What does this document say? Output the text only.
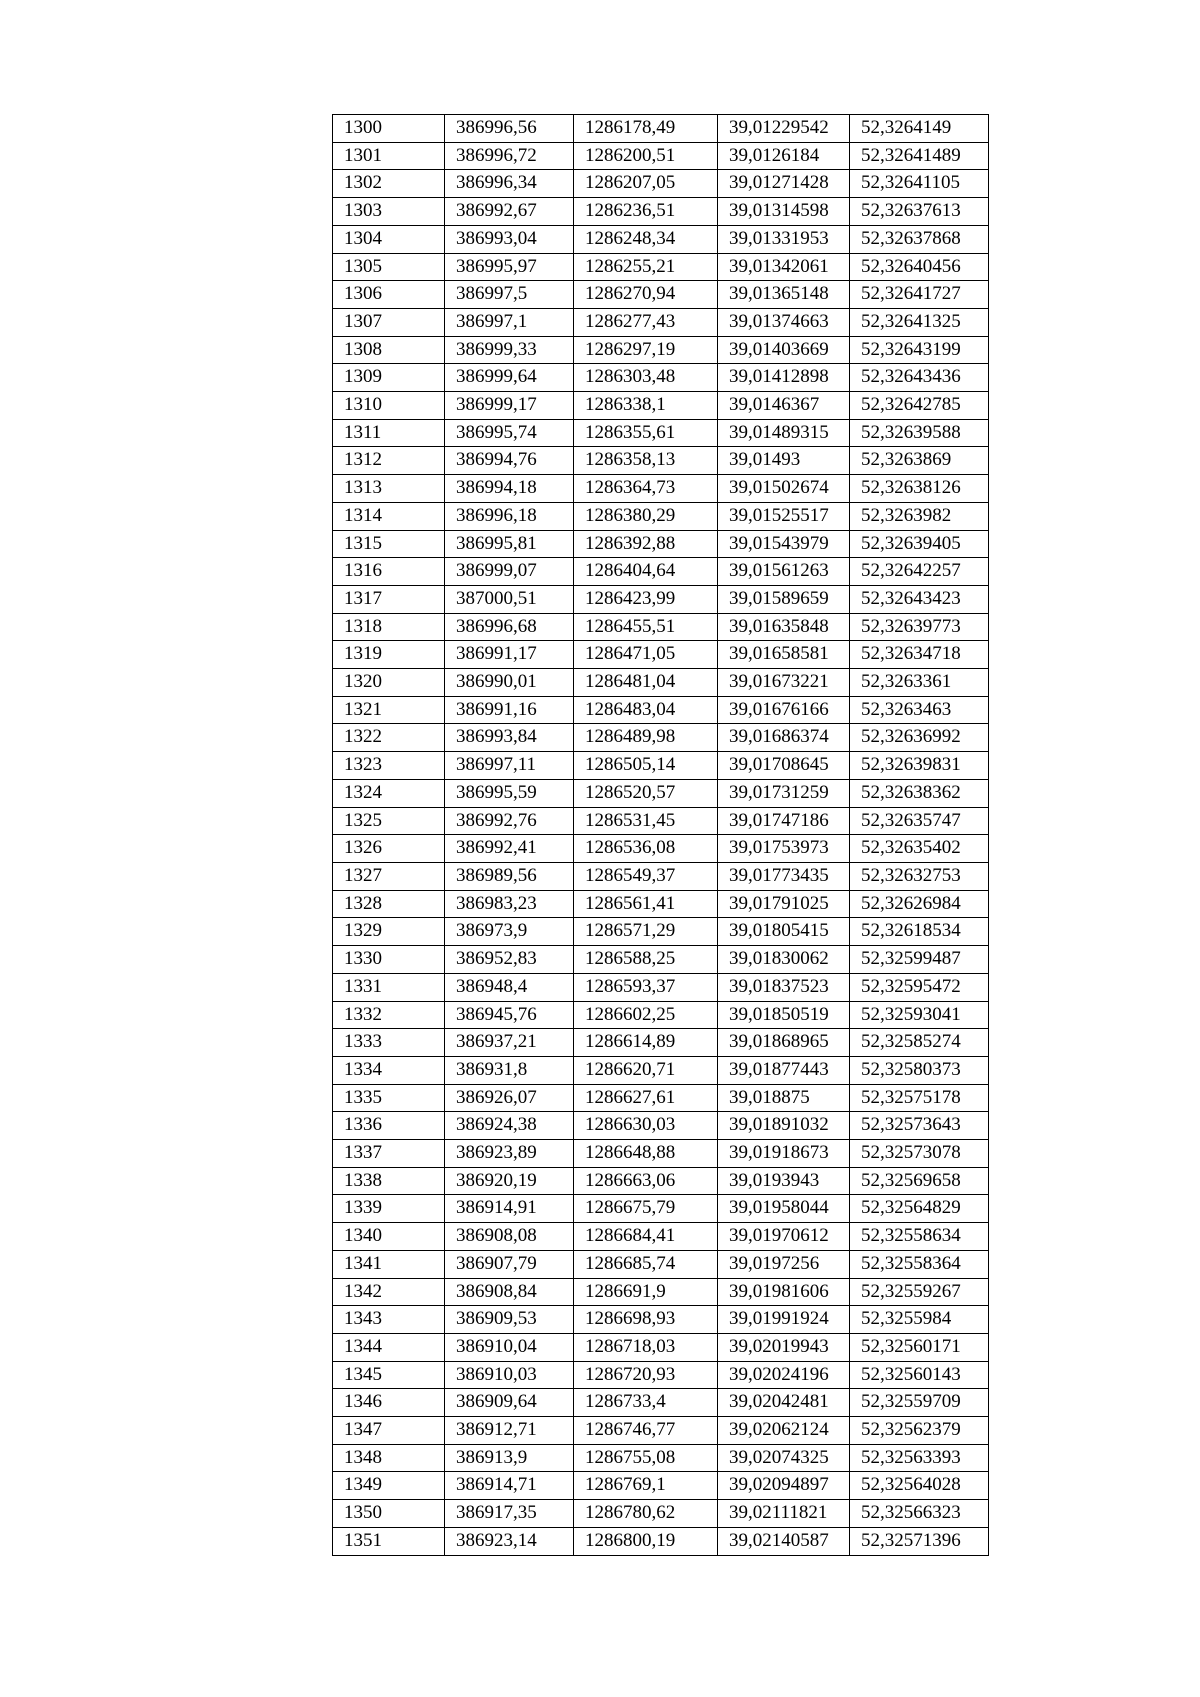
1300	386996,56	1286178,49	39,01229542	52,3264149
1301	386996,72	1286200,51	39,0126184	52,32641489
1302	386996,34	1286207,05	39,01271428	52,32641105
1303	386992,67	1286236,51	39,01314598	52,32637613
1304	386993,04	1286248,34	39,01331953	52,32637868
1305	386995,97	1286255,21	39,01342061	52,32640456
1306	386997,5	1286270,94	39,01365148	52,32641727
1307	386997,1	1286277,43	39,01374663	52,32641325
1308	386999,33	1286297,19	39,01403669	52,32643199
1309	386999,64	1286303,48	39,01412898	52,32643436
1310	386999,17	1286338,1	39,0146367	52,32642785
1311	386995,74	1286355,61	39,01489315	52,32639588
1312	386994,76	1286358,13	39,01493	52,3263869
1313	386994,18	1286364,73	39,01502674	52,32638126
1314	386996,18	1286380,29	39,01525517	52,3263982
1315	386995,81	1286392,88	39,01543979	52,32639405
1316	386999,07	1286404,64	39,01561263	52,32642257
1317	387000,51	1286423,99	39,01589659	52,32643423
1318	386996,68	1286455,51	39,01635848	52,32639773
1319	386991,17	1286471,05	39,01658581	52,32634718
1320	386990,01	1286481,04	39,01673221	52,3263361
1321	386991,16	1286483,04	39,01676166	52,3263463
1322	386993,84	1286489,98	39,01686374	52,32636992
1323	386997,11	1286505,14	39,01708645	52,32639831
1324	386995,59	1286520,57	39,01731259	52,32638362
1325	386992,76	1286531,45	39,01747186	52,32635747
1326	386992,41	1286536,08	39,01753973	52,32635402
1327	386989,56	1286549,37	39,01773435	52,32632753
1328	386983,23	1286561,41	39,01791025	52,32626984
1329	386973,9	1286571,29	39,01805415	52,32618534
1330	386952,83	1286588,25	39,01830062	52,32599487
1331	386948,4	1286593,37	39,01837523	52,32595472
1332	386945,76	1286602,25	39,01850519	52,32593041
1333	386937,21	1286614,89	39,01868965	52,32585274
1334	386931,8	1286620,71	39,01877443	52,32580373
1335	386926,07	1286627,61	39,018875	52,32575178
1336	386924,38	1286630,03	39,01891032	52,32573643
1337	386923,89	1286648,88	39,01918673	52,32573078
1338	386920,19	1286663,06	39,0193943	52,32569658
1339	386914,91	1286675,79	39,01958044	52,32564829
1340	386908,08	1286684,41	39,01970612	52,32558634
1341	386907,79	1286685,74	39,0197256	52,32558364
1342	386908,84	1286691,9	39,01981606	52,32559267
1343	386909,53	1286698,93	39,01991924	52,3255984
1344	386910,04	1286718,03	39,02019943	52,32560171
1345	386910,03	1286720,93	39,02024196	52,32560143
1346	386909,64	1286733,4	39,02042481	52,32559709
1347	386912,71	1286746,77	39,02062124	52,32562379
1348	386913,9	1286755,08	39,02074325	52,32563393
1349	386914,71	1286769,1	39,02094897	52,32564028
1350	386917,35	1286780,62	39,02111821	52,32566323
1351	386923,14	1286800,19	39,02140587	52,32571396
